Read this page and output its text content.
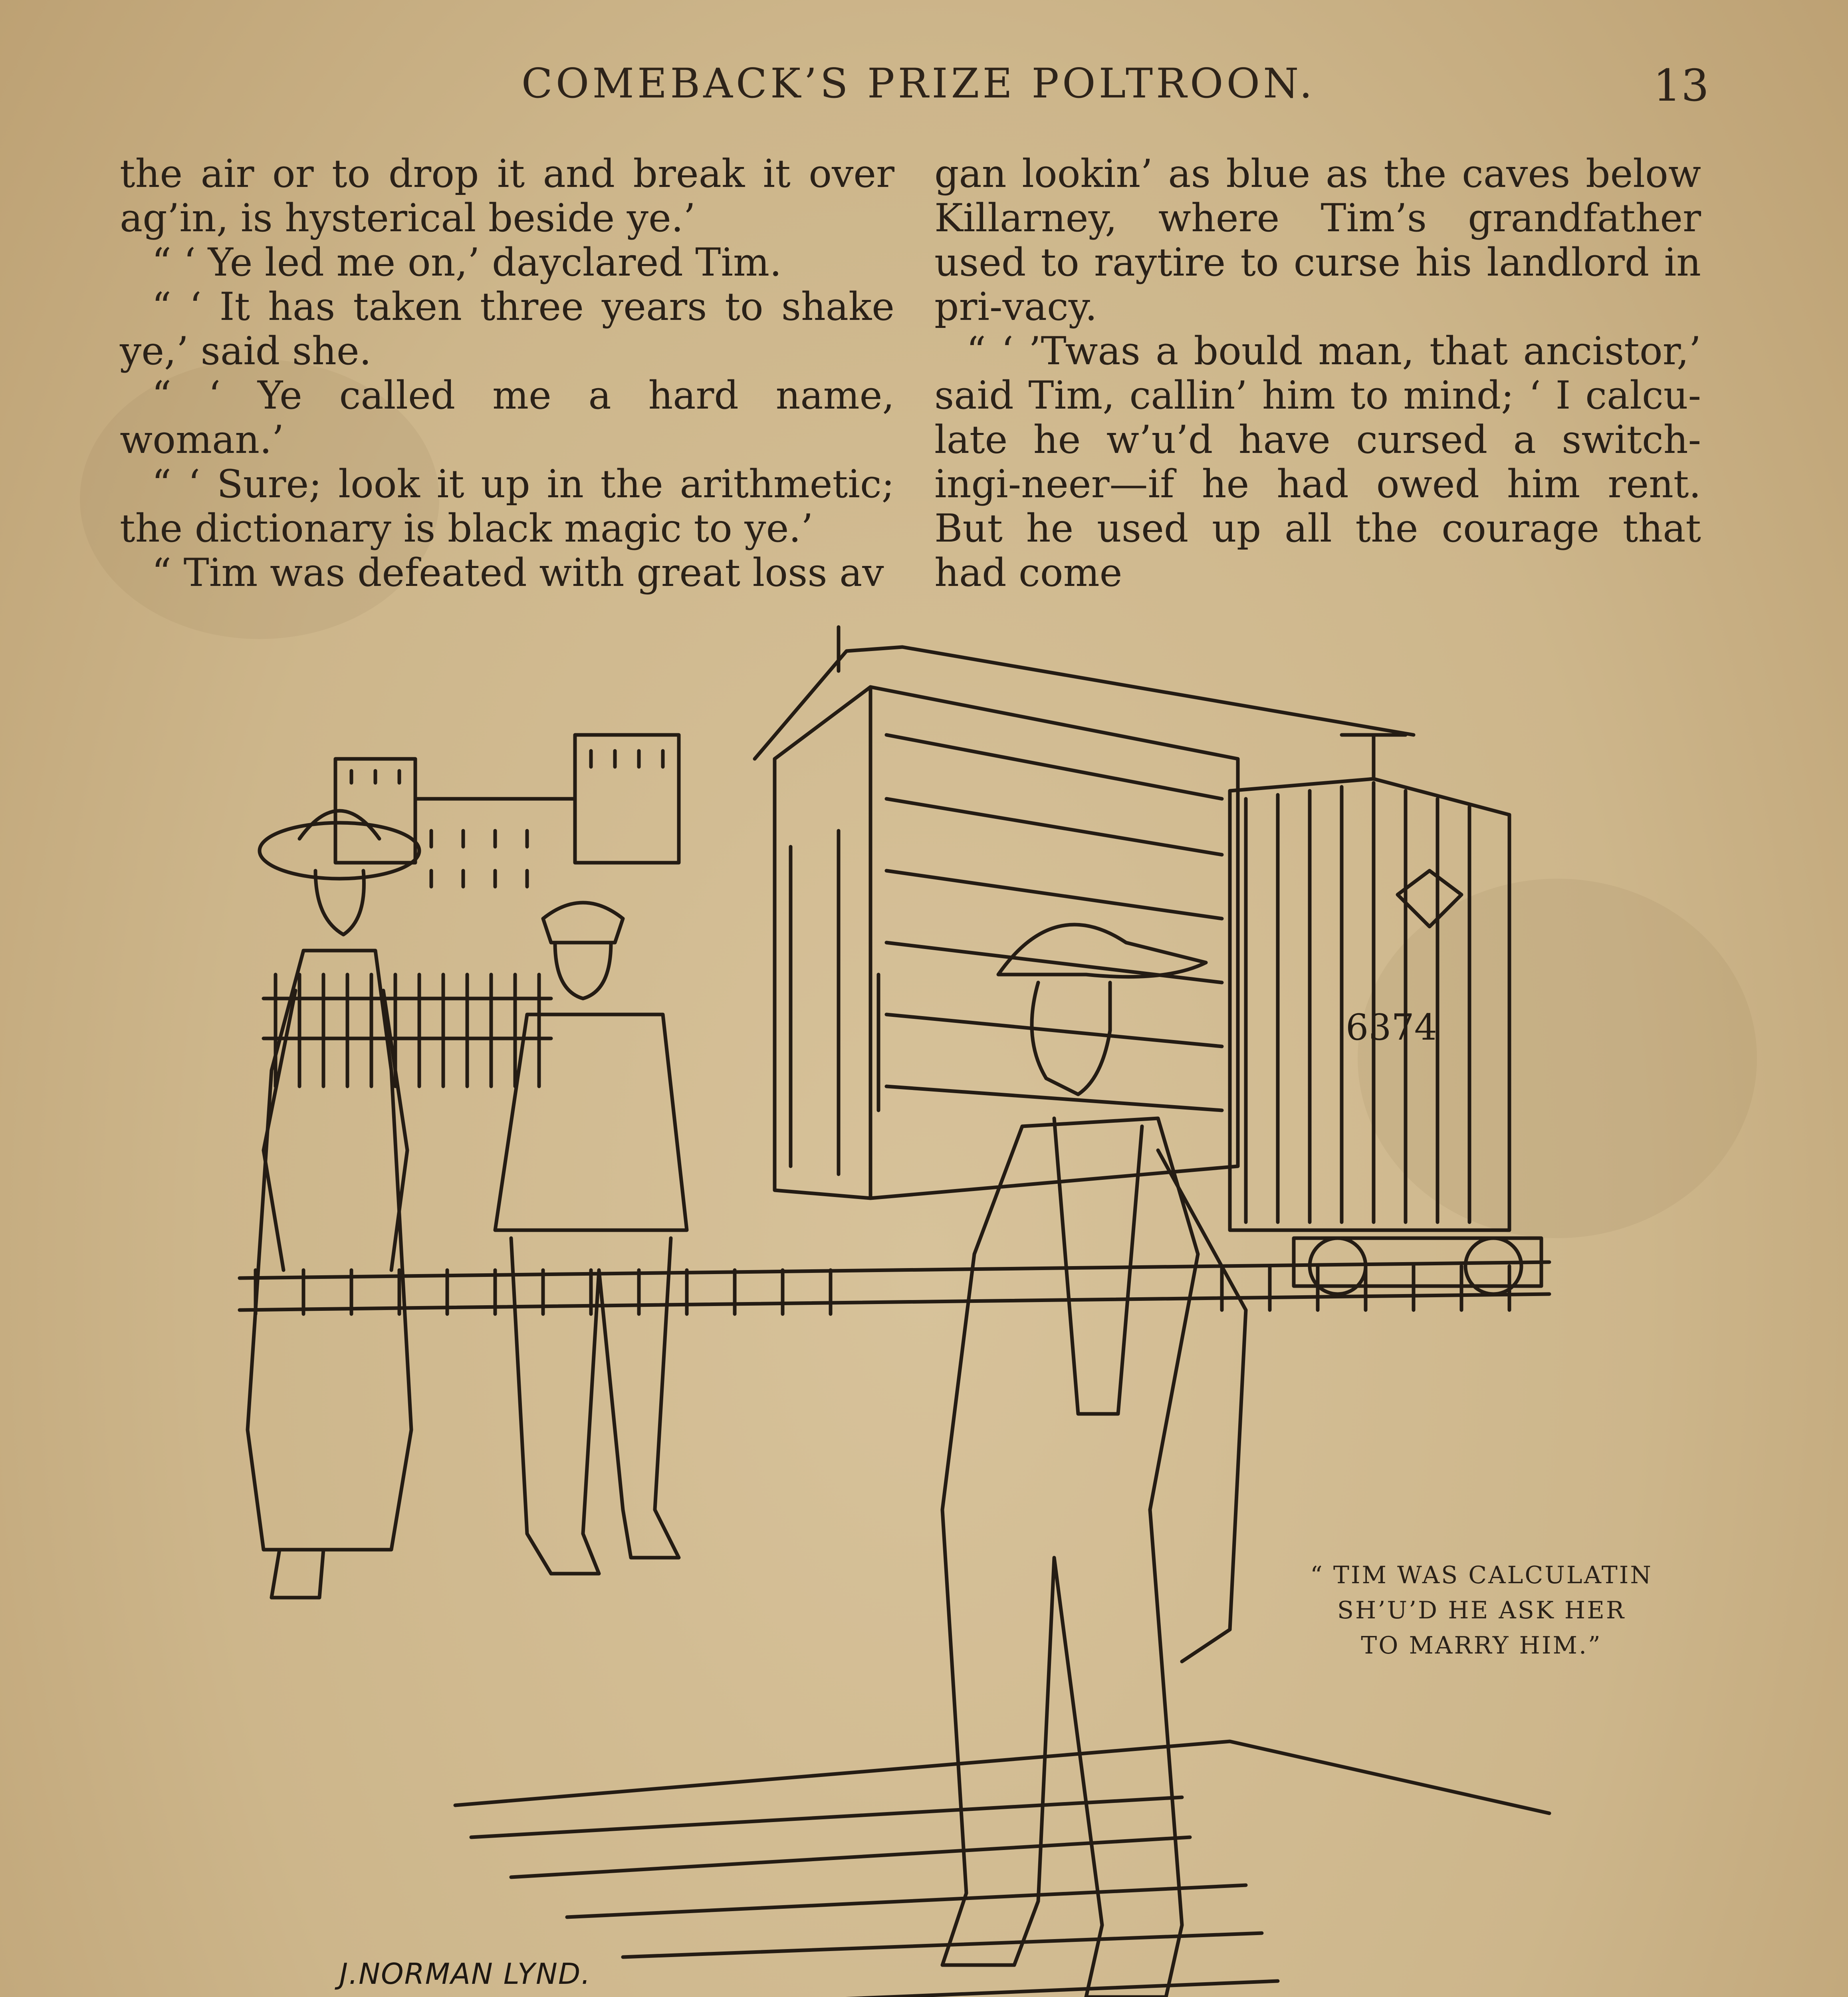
COMEBACK’S PRIZE POLTROON.	13

the air or to drop it and break it over ag’in, is hysterical beside ye.’

“ ‘ Ye led me on,’ dayclared Tim.

“ ‘ It has taken three years to shake ye,’ said she.

“ ‘ Ye called me a hard name, woman.’

“ ‘ Sure; look it up in the arithmetic; the dictionary is black magic to ye.’

“ Tim was defeated with great loss av

gan lookin’ as blue as the caves below Killarney, where Tim’s grandfather used to raytire to curse his landlord in pri-vacy.

“ ‘ ’Twas a bould man, that ancistor,’ said Tim, callin’ him to mind; ‘ I calcu-late he w’u’d have cursed a switch-ingi-neer—if he had owed him rent. But he used up all the courage that had come

6374
“ TIM WAS CALCULATIN
SH’U’D HE ASK HER
TO MARRY HIM.”
J.NORMAN LYND.
